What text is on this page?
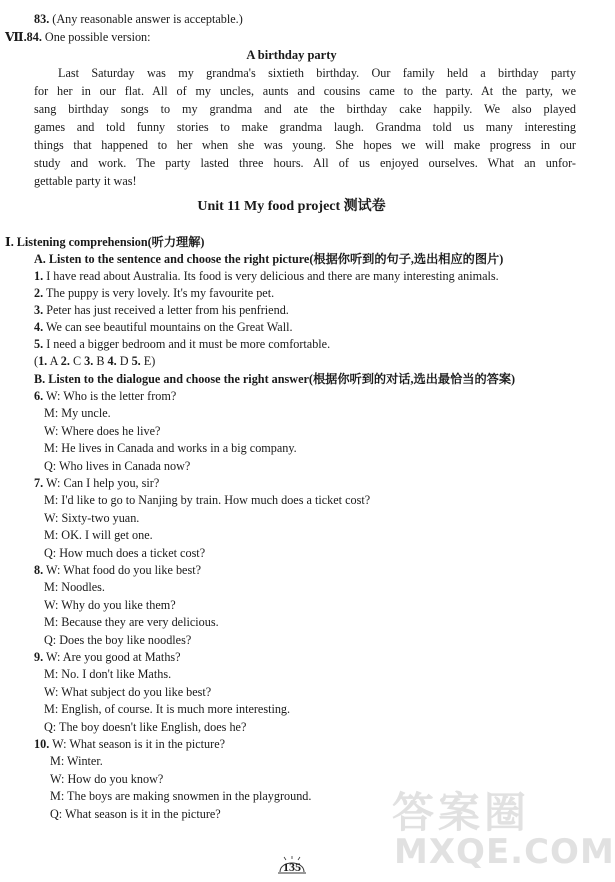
83. (Any reasonable answer is acceptable.)
Ⅶ.84. One possible version:
A birthday party
Last Saturday was my grandma's sixtieth birthday. Our family held a birthday party
for her in our flat. All of my uncles, aunts and cousins came to the party. At the party, we
sang birthday songs to my grandma and ate the birthday cake happily. We also played
games and told funny stories to make grandma laugh. Grandma told us many interesting
things that happened to her when she was young. She hopes we will make progress in our
study and work. The party lasted three hours. All of us enjoyed ourselves. What an unfor-
gettable party it was!
Unit 11 My food project 测试卷
Ⅰ. Listening comprehension(听力理解)
A. Listen to the sentence and choose the right picture(根据你听到的句子,选出相应的图片)
1. I have read about Australia. Its food is very delicious and there are many interesting animals.
2. The puppy is very lovely. It's my favourite pet.
3. Peter has just received a letter from his penfriend.
4. We can see beautiful mountains on the Great Wall.
5. I need a bigger bedroom and it must be more comfortable.
(1. A 2. C 3. B 4. D 5. E)
B. Listen to the dialogue and choose the right answer(根据你听到的对话,选出最恰当的答案)
6. W: Who is the letter from?
M: My uncle.
W: Where does he live?
M: He lives in Canada and works in a big company.
Q: Who lives in Canada now?
7. W: Can I help you, sir?
M: I'd like to go to Nanjing by train. How much does a ticket cost?
W: Sixty-two yuan.
M: OK. I will get one.
Q: How much does a ticket cost?
8. W: What food do you like best?
M: Noodles.
W: Why do you like them?
M: Because they are very delicious.
Q: Does the boy like noodles?
9. W: Are you good at Maths?
M: No. I don't like Maths.
W: What subject do you like best?
M: English, of course. It is much more interesting.
Q: The boy doesn't like English, does he?
10. W: What season is it in the picture?
M: Winter.
W: How do you know?
M: The boys are making snowmen in the playground.
Q: What season is it in the picture?
135
答案圈
MXQE.COM
